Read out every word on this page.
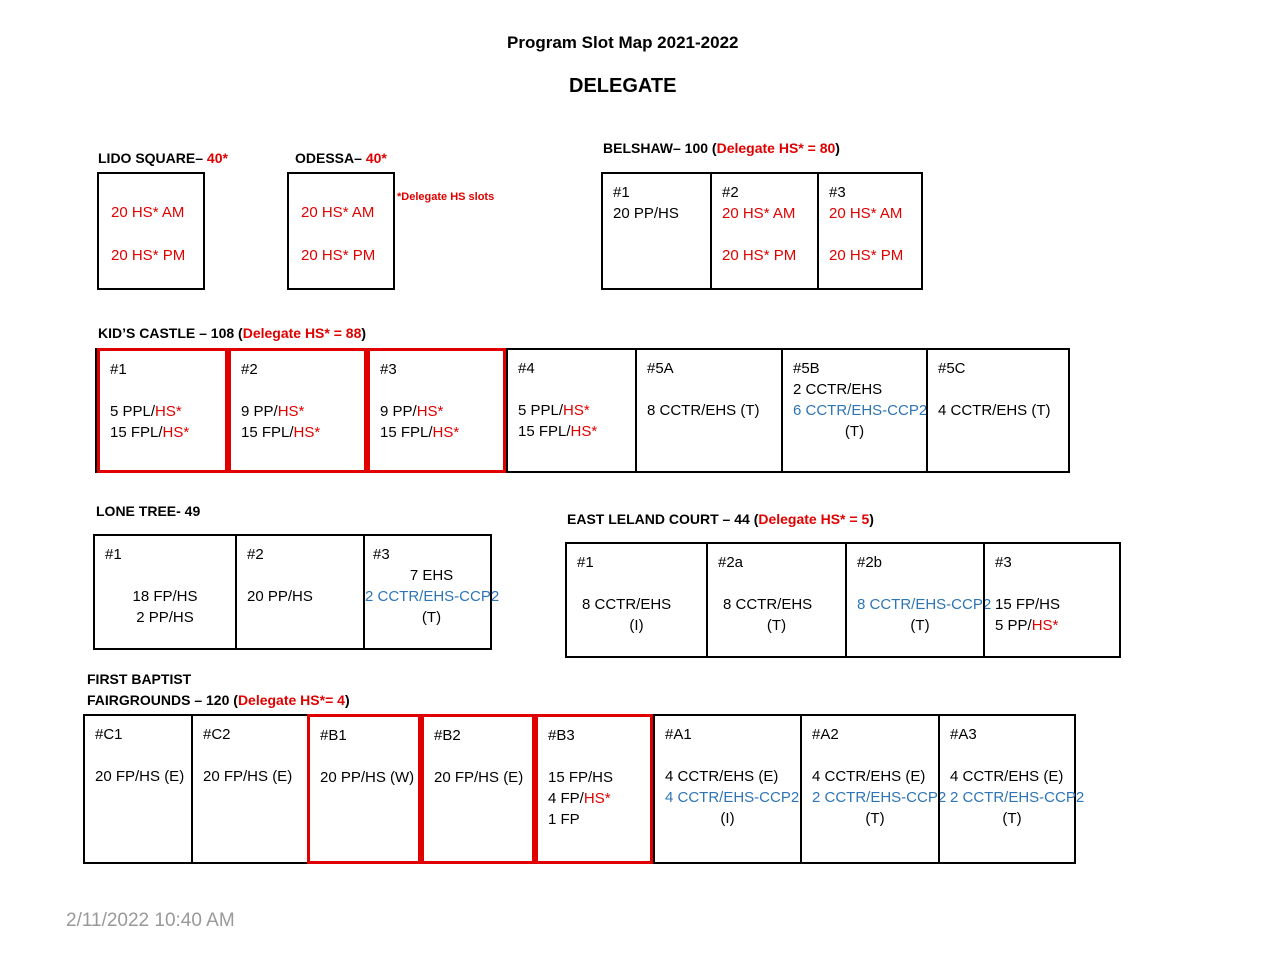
Program Slot Map 2021-2022
DELEGATE
LIDO SQUARE– 40*
20 HS* AM
20 HS* PM
ODESSA– 40*
20 HS* AM
20 HS* PM
*Delegate HS slots
BELSHAW– 100 (Delegate HS* = 80)
#1
20 PP/HS
#2
20 HS* AM
20 HS* PM
#3
20 HS* AM
20 HS* PM
KID’S CASTLE – 108 (Delegate HS* = 88)
#1
5 PPL/HS*
15 FPL/HS*
#2
9 PP/HS*
15 FPL/HS*
#3
9 PP/HS*
15 FPL/HS*
#4
5 PPL/HS*
15 FPL/HS*
#5A
8 CCTR/EHS (T)
#5B
2 CCTR/EHS
6 CCTR/EHS-CCP2
(T)
#5C
4 CCTR/EHS (T)
LONE TREE- 49
#1
18 FP/HS
2 PP/HS
#2
20 PP/HS
#3
7 EHS
2 CCTR/EHS-CCP2
(T)
EAST LELAND COURT – 44 (Delegate HS* = 5)
#1
8 CCTR/EHS
(I)
#2a
8 CCTR/EHS
(T)
#2b
8 CCTR/EHS-CCP2
(T)
#3
15 FP/HS
5 PP/HS*
FIRST BAPTIST
FAIRGROUNDS – 120 (Delegate HS*= 4)
#C1
20 FP/HS (E)
#C2
20 FP/HS (E)
#B1
20 PP/HS (W)
#B2
20 FP/HS (E)
#B3
15 FP/HS
4 FP/HS*
1 FP
#A1
4 CCTR/EHS (E)
4 CCTR/EHS-CCP2
(I)
#A2
4 CCTR/EHS (E)
2 CCTR/EHS-CCP2
(T)
#A3
4 CCTR/EHS (E)
2 CCTR/EHS-CCP2
(T)
2/11/2022 10:40 AM
